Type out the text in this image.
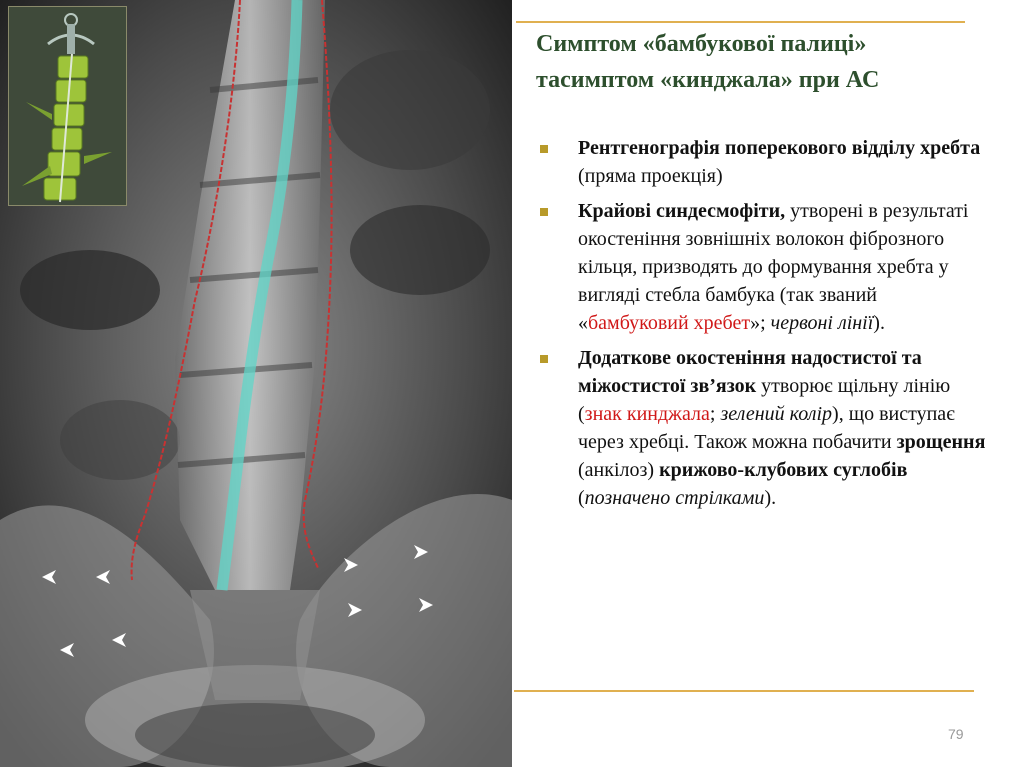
Симптом «бамбукової палиці»
тасимптом «кинджала» при АС
Рентгенографія поперекового відділу хребта (пряма проекція)
Крайові синдесмофіти, утворені в результаті окостеніння зовнішніх волокон фіброзного кільця, призводять до формування хребта у вигляді стебла бамбука (так званий «бамбуковий хребет»; червоні лінії).
Додаткове окостеніння надостистої та міжостистої зв’язок утворює щільну лінію (знак кинджала; зелений колір), що виступає через хребці. Також можна побачити зрощення (анкілоз) крижово-клубових суглобів (позначено стрілками).
79
